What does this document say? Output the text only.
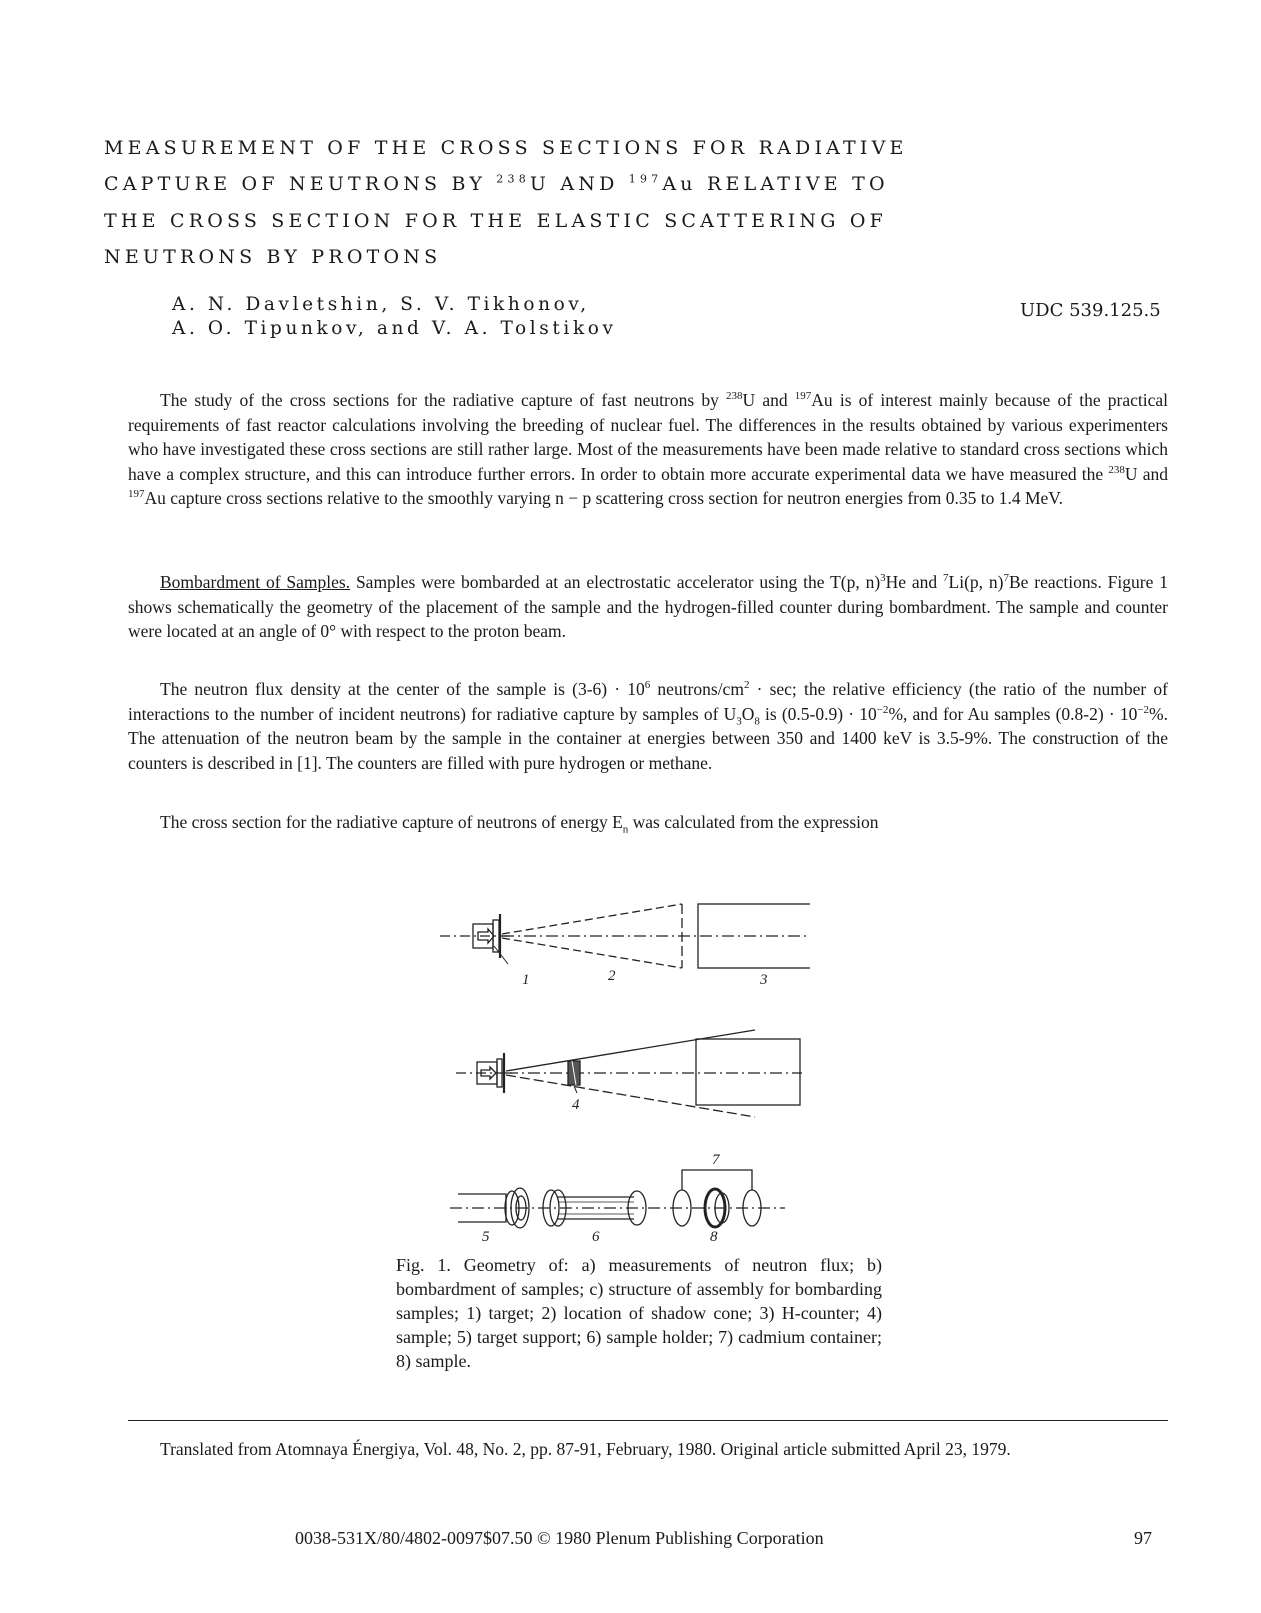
MEASUREMENT OF THE CROSS SECTIONS FOR RADIATIVE
CAPTURE OF NEUTRONS BY $^{238}$U AND $^{197}$Au RELATIVE TO
THE CROSS SECTION FOR THE ELASTIC SCATTERING OF
NEUTRONS BY PROTONS
A. N. Davletshin, S. V. Tikhonov,
A. O. Tipunkov, and V. A. Tolstikov
UDC 539.125.5
The study of the cross sections for the radiative capture of fast neutrons by $^{238}$U and $^{197}$Au is of interest mainly because of the practical requirements of fast reactor calculations involving the breeding of nuclear fuel. The differences in the results obtained by various experimenters who have investigated these cross sections are still rather large. Most of the measurements have been made relative to standard cross sections which have a complex structure, and this can introduce further errors. In order to obtain more accurate experimental data we have measured the $^{238}$U and $^{197}$Au capture cross sections relative to the smoothly varying n − p scattering cross section for neutron energies from 0.35 to 1.4 MeV.
Bombardment of Samples. Samples were bombarded at an electrostatic accelerator using the T(p, n)$^3$He and $^7$Li(p, n)$^7$Be reactions. Figure 1 shows schematically the geometry of the placement of the sample and the hydrogen-filled counter during bombardment. The sample and counter were located at an angle of 0° with respect to the proton beam.
The neutron flux density at the center of the sample is $(3-6) \cdot 10^6$ neutrons/$cm^2 \cdot \sec$; the relative efficiency (the ratio of the number of interactions to the number of incident neutrons) for radiative capture by samples of $U_3O_8$ is $(0.5-0.9) \cdot 10^{-2}\%$, and for Au samples $(0.8-2) \cdot 10^{-2}\%$. The attenuation of the neutron beam by the sample in the container at energies between 350 and 1400 keV is 3.5-9%. The construction of the counters is described in [1]. The counters are filled with pure hydrogen or methane.
The cross section for the radiative capture of neutrons of energy $E_n$ was calculated from the expression
1	2	3
4
5	6	8
7
Fig. 1. Geometry of: a) measurements of neutron flux; b) bombardment of samples; c) structure of assembly for bombarding samples; 1) target; 2) location of shadow cone; 3) H-counter; 4) sample; 5) target support; 6) sample holder; 7) cadmium container; 8) sample.
Translated from Atomnaya Énergiya, Vol. 48, No. 2, pp. 87-91, February, 1980. Original article submitted April 23, 1979.
0038-531X/80/4802-0097$07.50 © 1980 Plenum Publishing Corporation	97
